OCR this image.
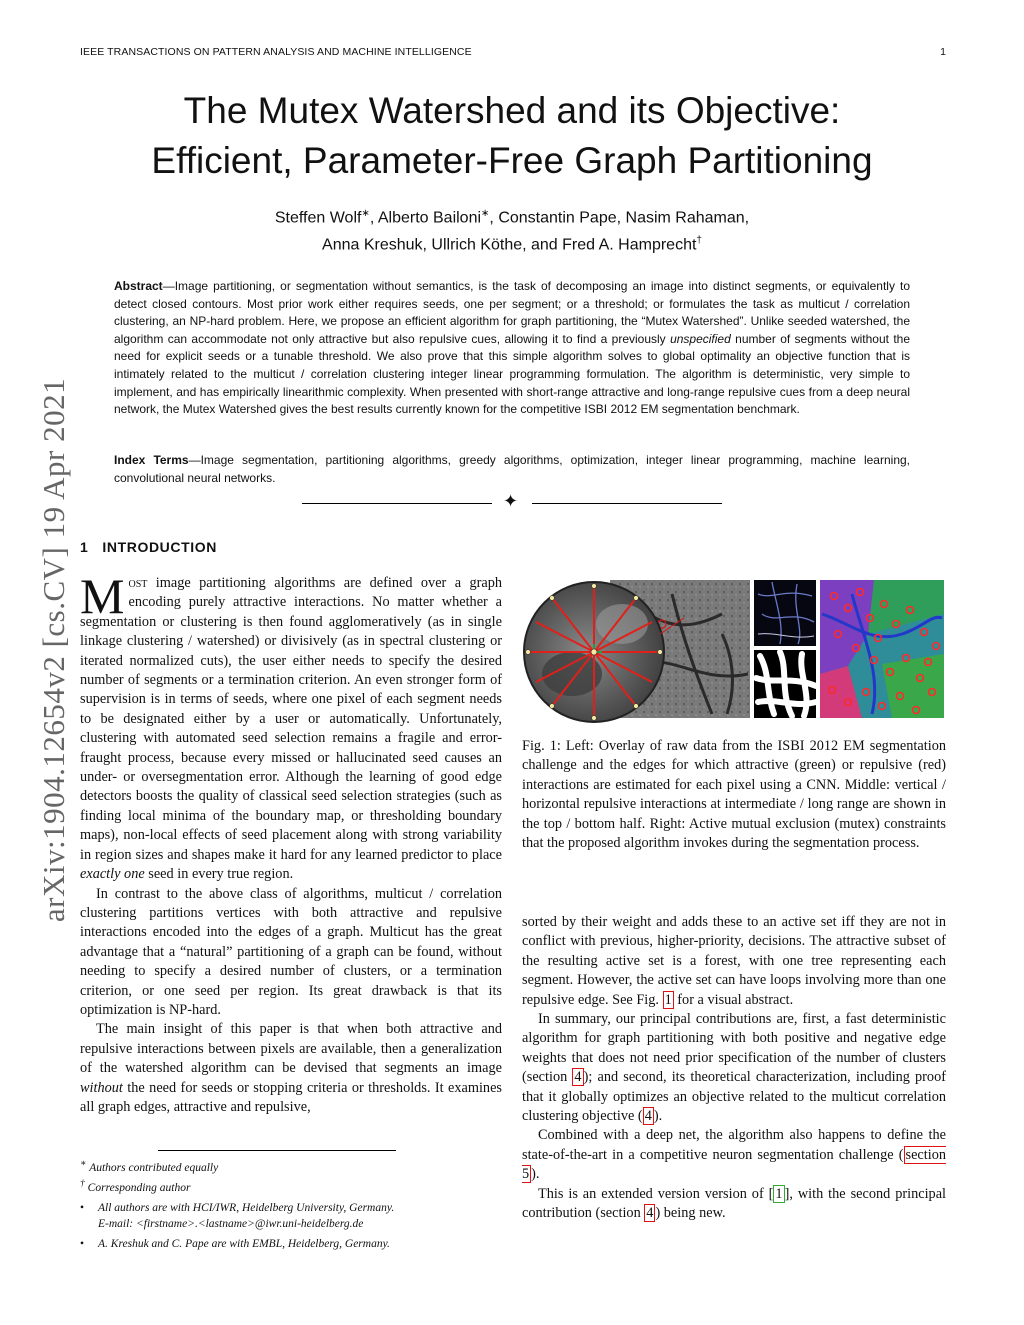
IEEE TRANSACTIONS ON PATTERN ANALYSIS AND MACHINE INTELLIGENCE	1
arXiv:1904.12654v2 [cs.CV] 19 Apr 2021
The Mutex Watershed and its Objective:
Efficient, Parameter-Free Graph Partitioning
Steffen Wolf∗, Alberto Bailoni∗, Constantin Pape, Nasim Rahaman,
Anna Kreshuk, Ullrich Köthe, and Fred A. Hamprecht†
Abstract—Image partitioning, or segmentation without semantics, is the task of decomposing an image into distinct segments, or equivalently to detect closed contours. Most prior work either requires seeds, one per segment; or a threshold; or formulates the task as multicut / correlation clustering, an NP-hard problem. Here, we propose an efficient algorithm for graph partitioning, the “Mutex Watershed”. Unlike seeded watershed, the algorithm can accommodate not only attractive but also repulsive cues, allowing it to find a previously unspecified number of segments without the need for explicit seeds or a tunable threshold. We also prove that this simple algorithm solves to global optimality an objective function that is intimately related to the multicut / correlation clustering integer linear programming formulation. The algorithm is deterministic, very simple to implement, and has empirically linearithmic complexity. When presented with short-range attractive and long-range repulsive cues from a deep neural network, the Mutex Watershed gives the best results currently known for the competitive ISBI 2012 EM segmentation benchmark.
Index Terms—Image segmentation, partitioning algorithms, greedy algorithms, optimization, integer linear programming, machine learning, convolutional neural networks.
✦
1 INTRODUCTION

Most image partitioning algorithms are defined over a graph encoding purely attractive interactions. No matter whether a segmentation or clustering is then found agglomeratively (as in single linkage clustering / watershed) or divisively (as in spectral clustering or iterated normalized cuts), the user either needs to specify the desired number of segments or a termination criterion. An even stronger form of supervision is in terms of seeds, where one pixel of each segment needs to be designated either by a user or automatically. Unfortunately, clustering with automated seed selection remains a fragile and error-fraught process, because every missed or hallucinated seed causes an under- or oversegmentation error. Although the learning of good edge detectors boosts the quality of classical seed selection strategies (such as finding local minima of the boundary map, or thresholding boundary maps), non-local effects of seed placement along with strong variability in region sizes and shapes make it hard for any learned predictor to place exactly one seed in every true region.

In contrast to the above class of algorithms, multicut / correlation clustering partitions vertices with both attractive and repulsive interactions encoded into the edges of a graph. Multicut has the great advantage that a “natural” partitioning of a graph can be found, without needing to specify a desired number of clusters, or a termination criterion, or one seed per region. Its great drawback is that its optimization is NP-hard.

The main insight of this paper is that when both attractive and repulsive interactions between pixels are available, then a generalization of the watershed algorithm can be devised that segments an image without the need for seeds or stopping criteria or thresholds. It examines all graph edges, attractive and repulsive,

Fig. 1: Left: Overlay of raw data from the ISBI 2012 EM segmentation challenge and the edges for which attractive (green) or repulsive (red) interactions are estimated for each pixel using a CNN. Middle: vertical / horizontal repulsive interactions at intermediate / long range are shown in the top / bottom half. Right: Active mutual exclusion (mutex) constraints that the proposed algorithm invokes during the segmentation process.

sorted by their weight and adds these to an active set iff they are not in conflict with previous, higher-priority, decisions. The attractive subset of the resulting active set is a forest, with one tree representing each segment. However, the active set can have loops involving more than one repulsive edge. See Fig. 1 for a visual abstract.

In summary, our principal contributions are, first, a fast deterministic algorithm for graph partitioning with both positive and negative edge weights that does not need prior specification of the number of clusters (section 4 ); and second, its theoretical characterization, including proof that it globally optimizes an objective related to the multicut correlation clustering objective ( 4 ).

Combined with a deep net, the algorithm also happens to define the state-of-the-art in a competitive neuron segmentation challenge ( section 5 ).

This is an extended version version of [ 1 ], with the second principal contribution (section 4 ) being new.

∗ Authors contributed equally

† Corresponding author

• All authors are with HCI/IWR, Heidelberg University, Germany.
E-mail: <firstname>.<lastname>@iwr.uni-heidelberg.de
• A. Kreshuk and C. Pape are with EMBL, Heidelberg, Germany.
